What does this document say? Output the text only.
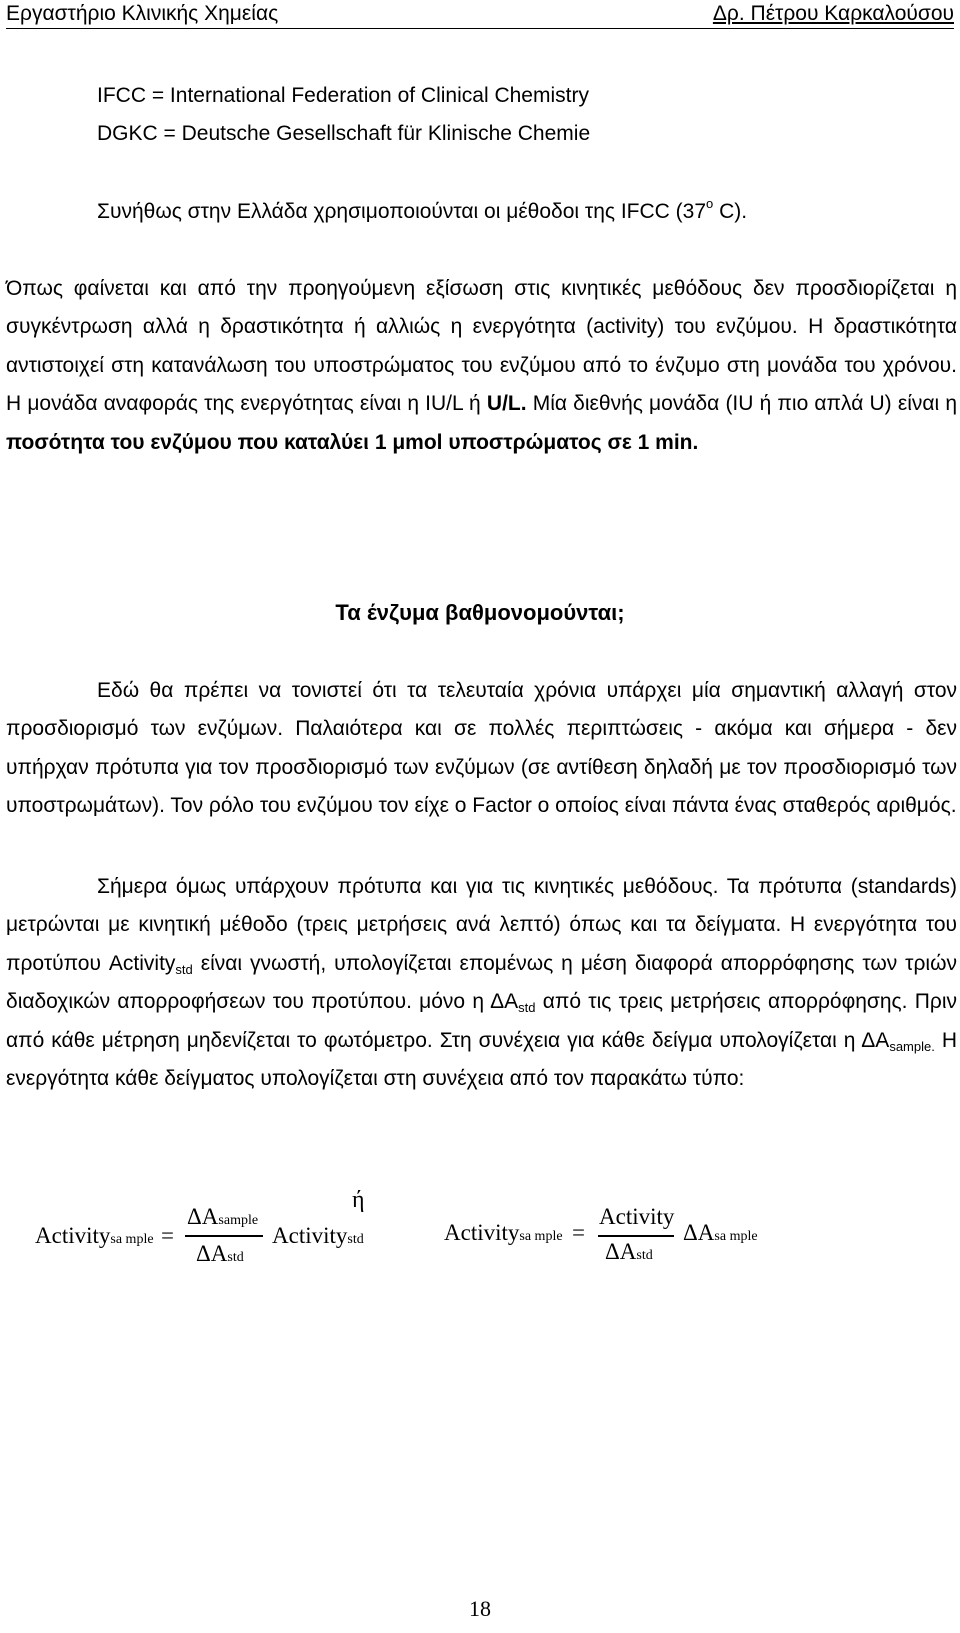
Εργαστήριο Κλινικής Χημείας	Δρ. Πέτρου Καρκαλούσου
IFCC = International Federation of Clinical Chemistry
DGKC = Deutsche Gesellschaft für Klinische Chemie
Συνήθως στην Ελλάδα χρησιμοποιούνται οι μέθοδοι της IFCC (37$^o$ C).
Όπως φαίνεται και από την προηγούμενη εξίσωση στις κινητικές μεθόδους δεν προσδιορίζεται η συγκέντρωση αλλά η δραστικότητα ή αλλιώς η ενεργότητα (activity) του ενζύμου. Η δραστικότητα αντιστοιχεί στη κατανάλωση του υποστρώματος του ενζύμου από το ένζυμο στη μονάδα του χρόνου. Η μονάδα αναφοράς της ενεργότητας είναι η IU/L ή U/L. Μία διεθνής μονάδα (IU ή πιο απλά U) είναι η ποσότητα του ενζύμου που καταλύει 1 μmol υποστρώματος σε 1 min.
Τα ένζυμα βαθμονομούνται;
Εδώ θα πρέπει να τονιστεί ότι τα τελευταία χρόνια υπάρχει μία σημαντική αλλαγή στον προσδιορισμό των ενζύμων. Παλαιότερα και σε πολλές περιπτώσεις - ακόμα και σήμερα - δεν υπήρχαν πρότυπα για τον προσδιορισμό των ενζύμων (σε αντίθεση δηλαδή με τον προσδιορισμό των υποστρωμάτων). Τον ρόλο του ενζύμου τον είχε ο Factor ο οποίος είναι πάντα ένας σταθερός αριθμός.
Σήμερα όμως υπάρχουν πρότυπα και για τις κινητικές μεθόδους. Τα πρότυπα (standards) μετρώνται με κινητική μέθοδο (τρεις μετρήσεις ανά λεπτό) όπως και τα δείγματα. Η ενεργότητα του προτύπου Activity$_{std}$ είναι γνωστή, υπολογίζεται επομένως η μέση διαφορά απορρόφησης των τριών διαδοχικών απορροφήσεων του προτύπου. μόνο η $\Delta A_{std}$ από τις τρεις μετρήσεις απορρόφησης. Πριν από κάθε μέτρηση μηδενίζεται το φωτόμετρο. Στη συνέχεια για κάθε δείγμα υπολογίζεται η $\Delta A_{sample.}$ Η ενεργότητα κάθε δείγματος υπολογίζεται στη συνέχεια από τον παρακάτω τύπο:
ή
Activitysa mple =
ΔAsample
ΔAstd
Activitystd	Activitysa mple =
Activity
ΔAstd
ΔAsa mple
18
